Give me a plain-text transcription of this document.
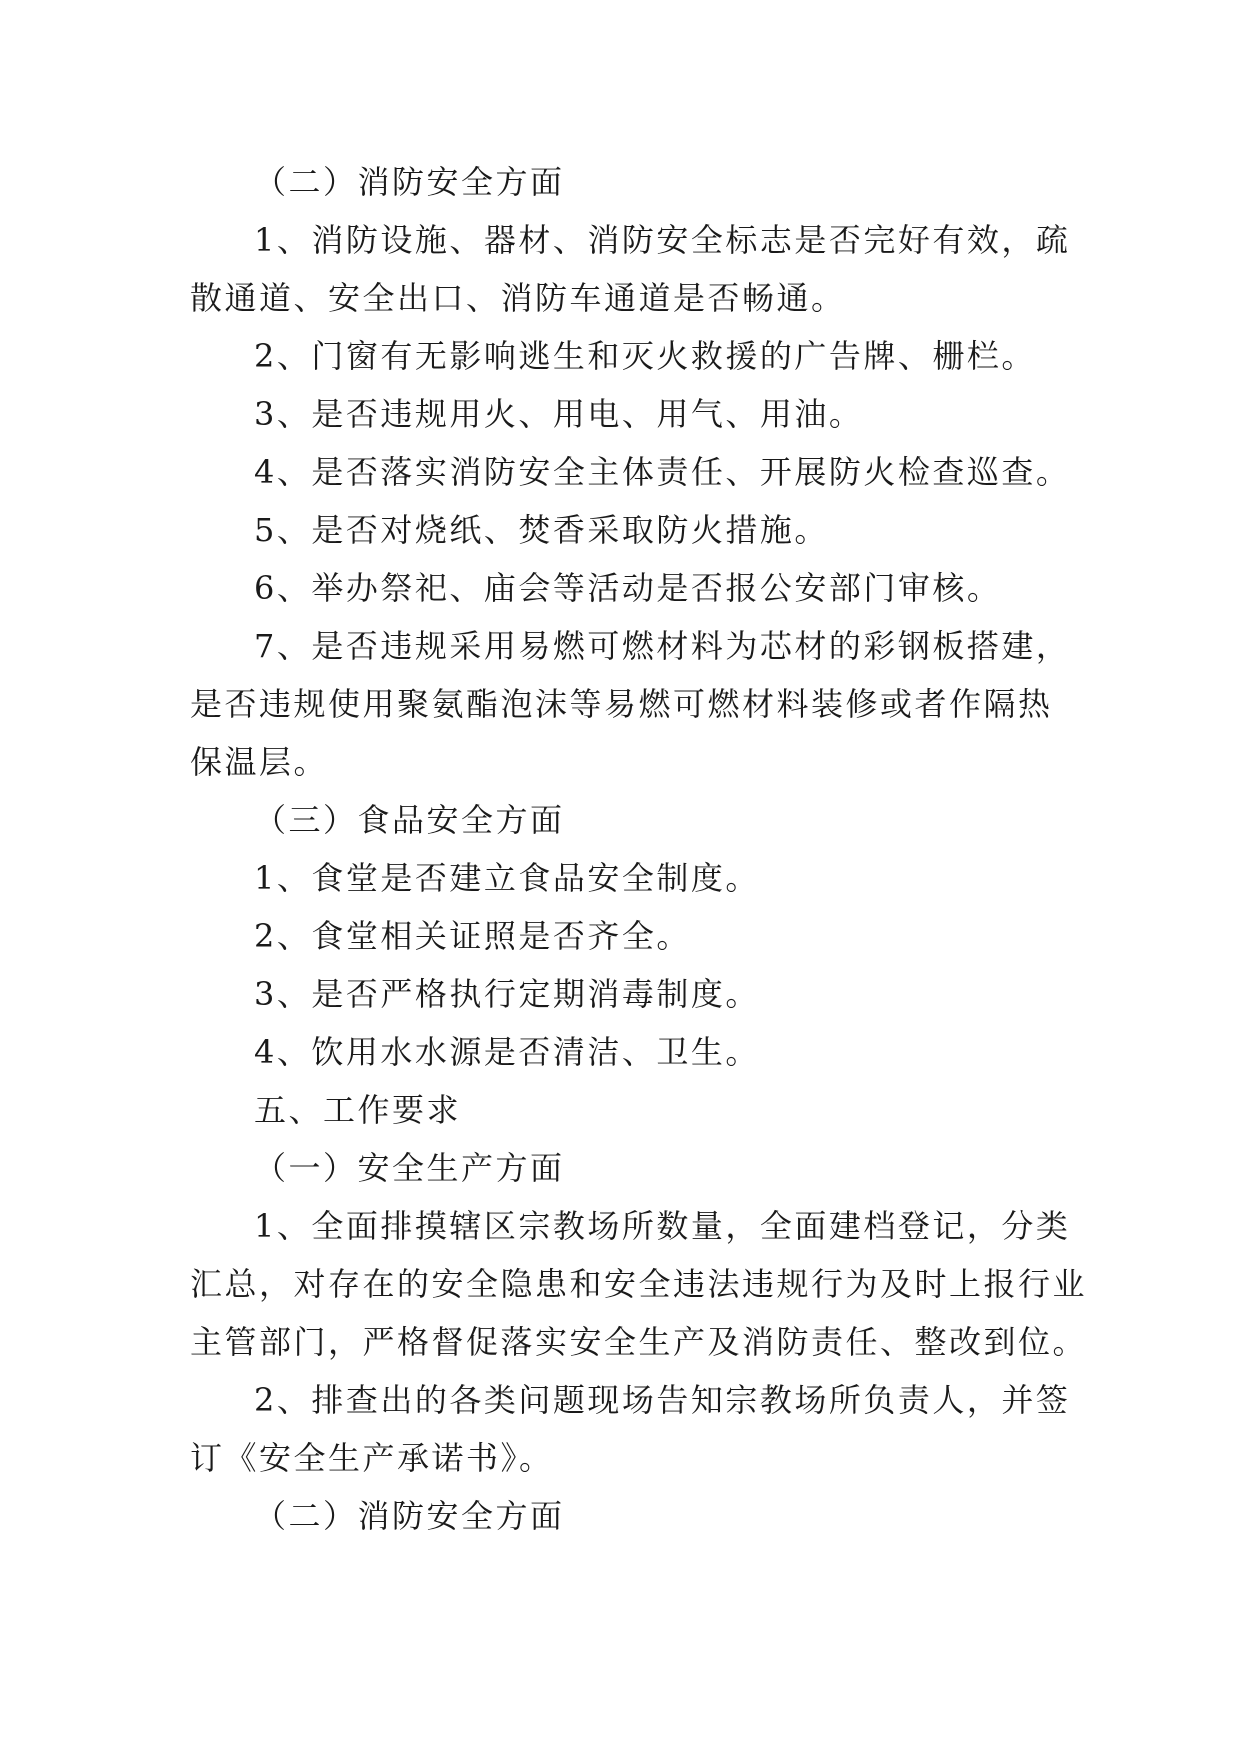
（二）消防安全方面
1、消防设施、器材、消防安全标志是否完好有效，疏
散通道、安全出口、消防车通道是否畅通。
2、门窗有无影响逃生和灭火救援的广告牌、栅栏。
3、是否违规用火、用电、用气、用油。
4、是否落实消防安全主体责任、开展防火检查巡查。
5、是否对烧纸、焚香采取防火措施。
6、举办祭祀、庙会等活动是否报公安部门审核。
7、是否违规采用易燃可燃材料为芯材的彩钢板搭建，
是否违规使用聚氨酯泡沫等易燃可燃材料装修或者作隔热
保温层。
（三）食品安全方面
1、食堂是否建立食品安全制度。
2、食堂相关证照是否齐全。
3、是否严格执行定期消毒制度。
4、饮用水水源是否清洁、卫生。
五、工作要求
（一）安全生产方面
1、全面排摸辖区宗教场所数量，全面建档登记，分类
汇总，对存在的安全隐患和安全违法违规行为及时上报行业
主管部门，严格督促落实安全生产及消防责任、整改到位。
2、排查出的各类问题现场告知宗教场所负责人，并签
订《安全生产承诺书》。
（二）消防安全方面
